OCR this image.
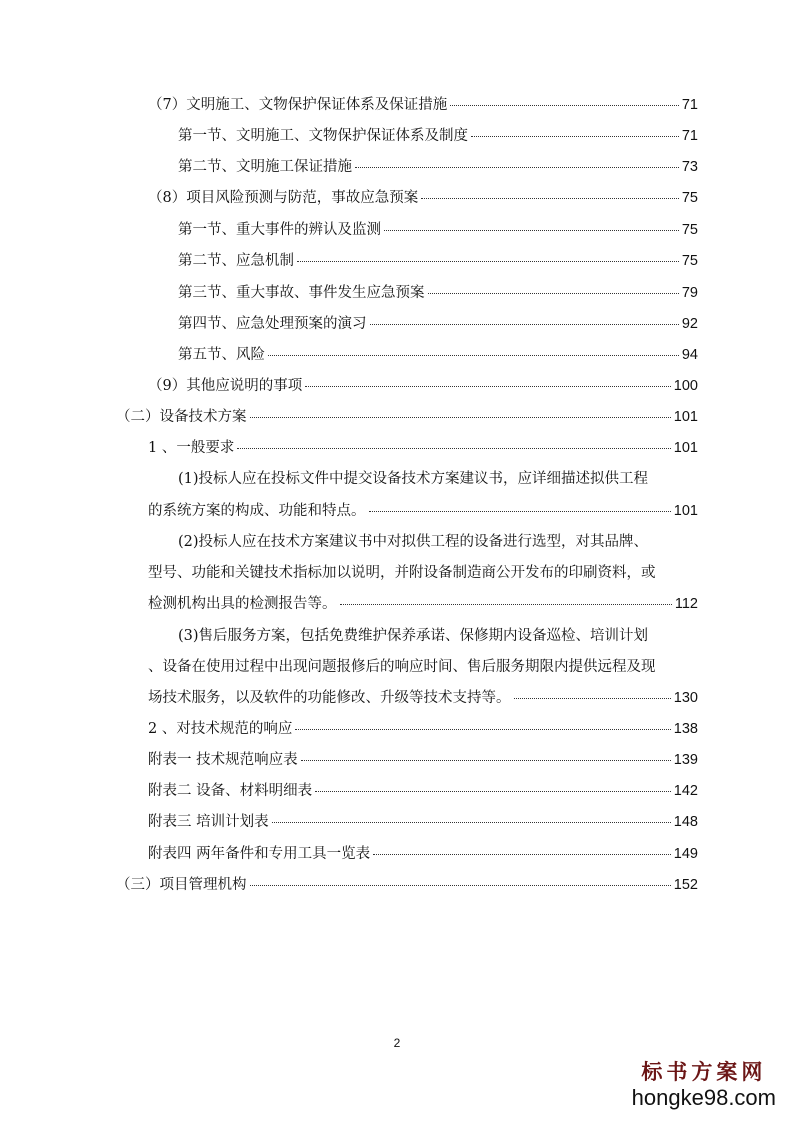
（7）文明施工、文物保护保证体系及保证措施	71
第一节、文明施工、文物保护保证体系及制度	71
第二节、文明施工保证措施	73
（8）项目风险预测与防范，事故应急预案	75
第一节、重大事件的辨认及监测	75
第二节、应急机制	75
第三节、重大事故、事件发生应急预案	79
第四节、应急处理预案的演习	92
第五节、风险	94
（9）其他应说明的事项	100
（二）设备技术方案	101
1 、一般要求	101
(1)投标人应在投标文件中提交设备技术方案建议书，应详细描述拟供工程
的系统方案的构成、功能和特点。	101
(2)投标人应在技术方案建议书中对拟供工程的设备进行选型，对其品牌、
型号、功能和关键技术指标加以说明，并附设备制造商公开发布的印刷资料，或
检测机构出具的检测报告等。	112
(3)售后服务方案，包括免费维护保养承诺、保修期内设备巡检、培训计划
、设备在使用过程中出现问题报修后的响应时间、售后服务期限内提供远程及现
场技术服务，以及软件的功能修改、升级等技术支持等。	130
2 、对技术规范的响应	138
附表一 技术规范响应表	139
附表二 设备、材料明细表	142
附表三 培训计划表	148
附表四 两年备件和专用工具一览表	149
（三）项目管理机构	152
2
标书方案网
hongke98.com
